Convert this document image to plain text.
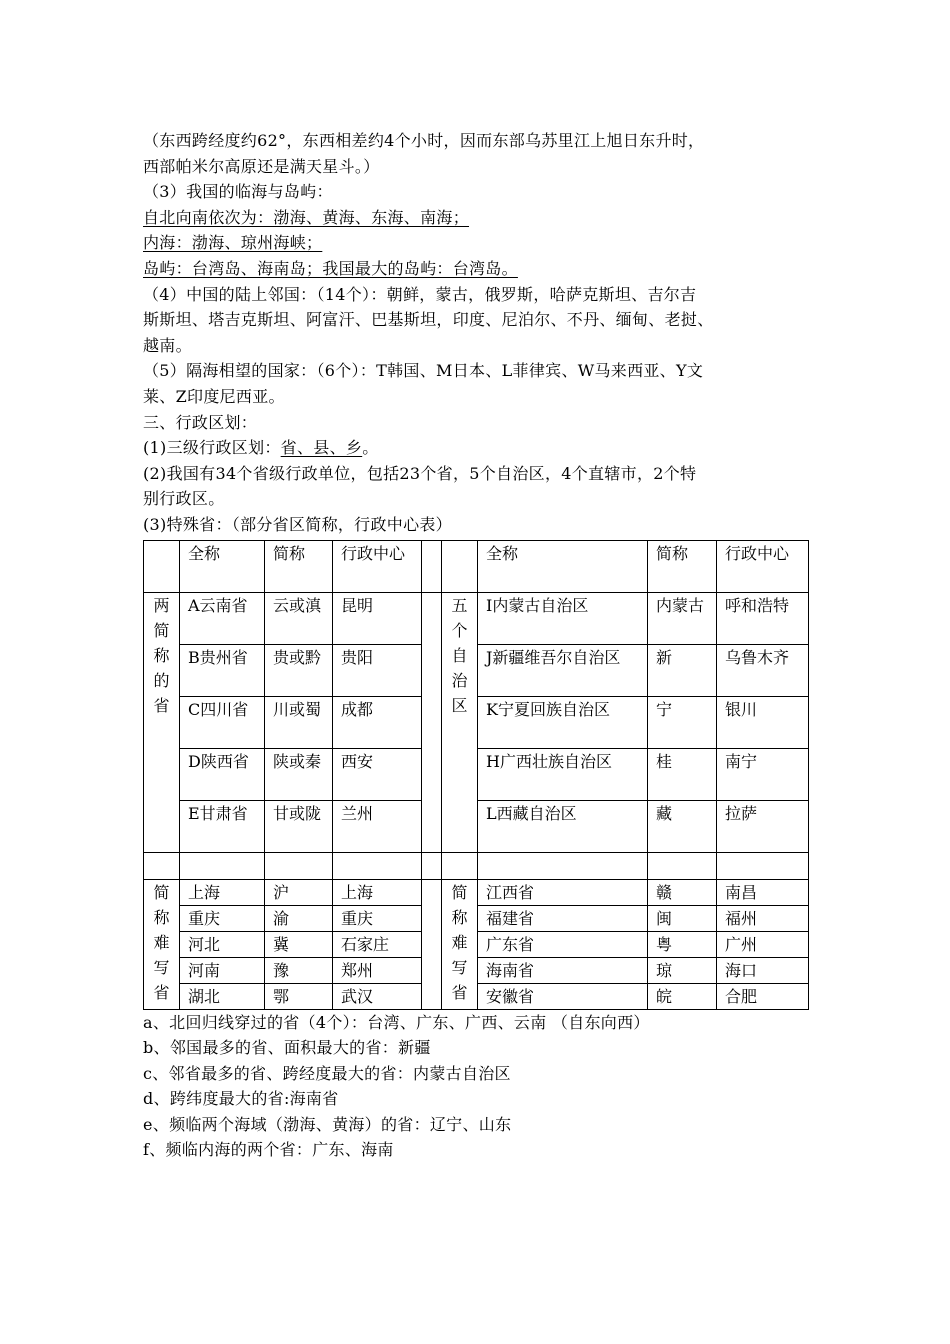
（东西跨经度约62°，东西相差约4个小时，因而东部乌苏里江上旭日东升时，
西部帕米尔高原还是满天星斗。）
（3）我国的临海与岛屿：
自北向南依次为：渤海、黄海、东海、南海；
内海：渤海、琼州海峡；
岛屿：台湾岛、海南岛；我国最大的岛屿：台湾岛。
（4）中国的陆上邻国：（14个）：朝鲜，蒙古，俄罗斯，哈萨克斯坦、吉尔吉
斯斯坦、塔吉克斯坦、阿富汗、巴基斯坦，印度、尼泊尔、不丹、缅甸、老挝、
越南。
（5）隔海相望的国家：（6个）：T韩国、M日本、L菲律宾、W马来西亚、Y文
莱、Z印度尼西亚。
三、行政区划：
(1)三级行政区划：省、县、乡。
(2)我国有34个省级行政单位，包括23个省，5个自治区，4个直辖市，2个特
别行政区。
(3)特殊省：（部分省区简称，行政中心表）
	全称	简称	行政中心			全称	简称	行政中心
两简称的省	A云南省	云或滇	昆明		五个自治区	I内蒙古自治区	内蒙古	呼和浩特
	B贵州省	贵或黔	贵阳			J新疆维吾尔自治区	新	乌鲁木齐
	C四川省	川或蜀	成都			K宁夏回族自治区	宁	银川
	D陕西省	陕或秦	西安			H广西壮族自治区	桂	南宁
	E甘肃省	甘或陇	兰州			L西藏自治区	藏	拉萨

简称难写省	上海	沪	上海		简称难写省	江西省	赣	南昌
	重庆	渝	重庆			福建省	闽	福州
	河北	冀	石家庄			广东省	粤	广州
	河南	豫	郑州			海南省	琼	海口
	湖北	鄂	武汉			安徽省	皖	合肥
a、北回归线穿过的省（4个）：台湾、广东、广西、云南 （自东向西）
b、邻国最多的省、面积最大的省：新疆
c、邻省最多的省、跨经度最大的省：内蒙古自治区
d、跨纬度最大的省:海南省
e、频临两个海域（渤海、黄海）的省：辽宁、山东
f、频临内海的两个省：广东、海南
